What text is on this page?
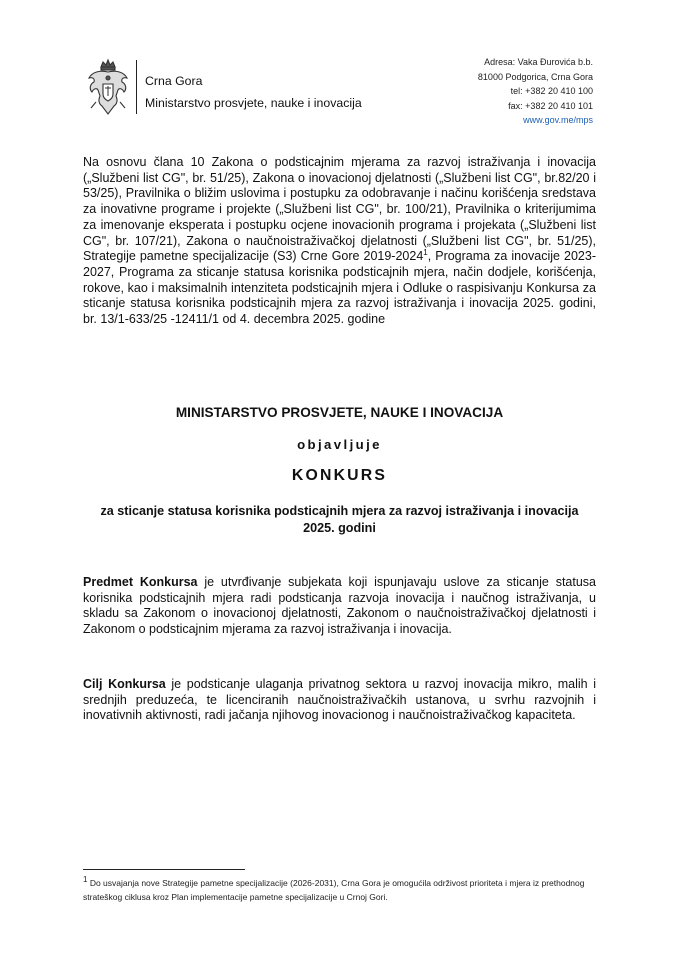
Crna Gora
Ministarstvo prosvjete, nauke i inovacija
Adresa: Vaka Đurovića b.b.
81000 Podgorica, Crna Gora
tel: +382 20 410 100
fax: +382 20 410 101
www.gov.me/mps
Na osnovu člana 10 Zakona o podsticajnim mjerama za razvoj istraživanja i inovacija („Službeni list CG", br. 51/25), Zakona o inovacionoj djelatnosti („Službeni list CG", br.82/20 i 53/25), Pravilnika o bližim uslovima i postupku za odobravanje i načinu korišćenja sredstava za inovativne programe i projekte („Službeni list CG", br. 100/21), Pravilnika o kriterijumima za imenovanje eksperata i postupku ocjene inovacionih programa i projekata („Službeni list CG", br. 107/21), Zakona o naučnoistraživačkoj djelatnosti („Službeni list CG", br. 51/25), Strategije pametne specijalizacije (S3) Crne Gore 2019-2024$^1$, Programa za inovacije 2023-2027, Programa za sticanje statusa korisnika podsticajnih mjera, način dodjele, korišćenja, rokove, kao i maksimalnih intenziteta podsticajnih mjera i Odluke o raspisivanju Konkursa za sticanje statusa korisnika podsticajnih mjera za razvoj istraživanja i inovacija 2025. godini, br. 13/1-633/25 -12411/1 od 4. decembra 2025. godine
MINISTARSTVO PROSVJETE, NAUKE I INOVACIJA
objavljuje
KONKURS
za sticanje statusa korisnika podsticajnih mjera za razvoj istraživanja i inovacija 2025. godini
Predmet Konkursa je utvrđivanje subjekata koji ispunjavaju uslove za sticanje statusa korisnika podsticajnih mjera radi podsticanja razvoja inovacija i naučnog istraživanja, u skladu sa Zakonom o inovacionoj djelatnosti, Zakonom o naučnoistraživačkoj djelatnosti i Zakonom o podsticajnim mjerama za razvoj istraživanja i inovacija.
Cilj Konkursa je podsticanje ulaganja privatnog sektora u razvoj inovacija mikro, malih i srednjih preduzeća, te licenciranih naučnoistraživačkih ustanova, u svrhu razvojnih i inovativnih aktivnosti, radi jačanja njihovog inovacionog i naučnoistraživačkog kapaciteta.
$^1$ Do usvajanja nove Strategije pametne specijalizacije (2026-2031), Crna Gora je omogućila održivost prioriteta i mjera iz prethodnog strateškog ciklusa kroz Plan implementacije pametne specijalizacije u Crnoj Gori.
